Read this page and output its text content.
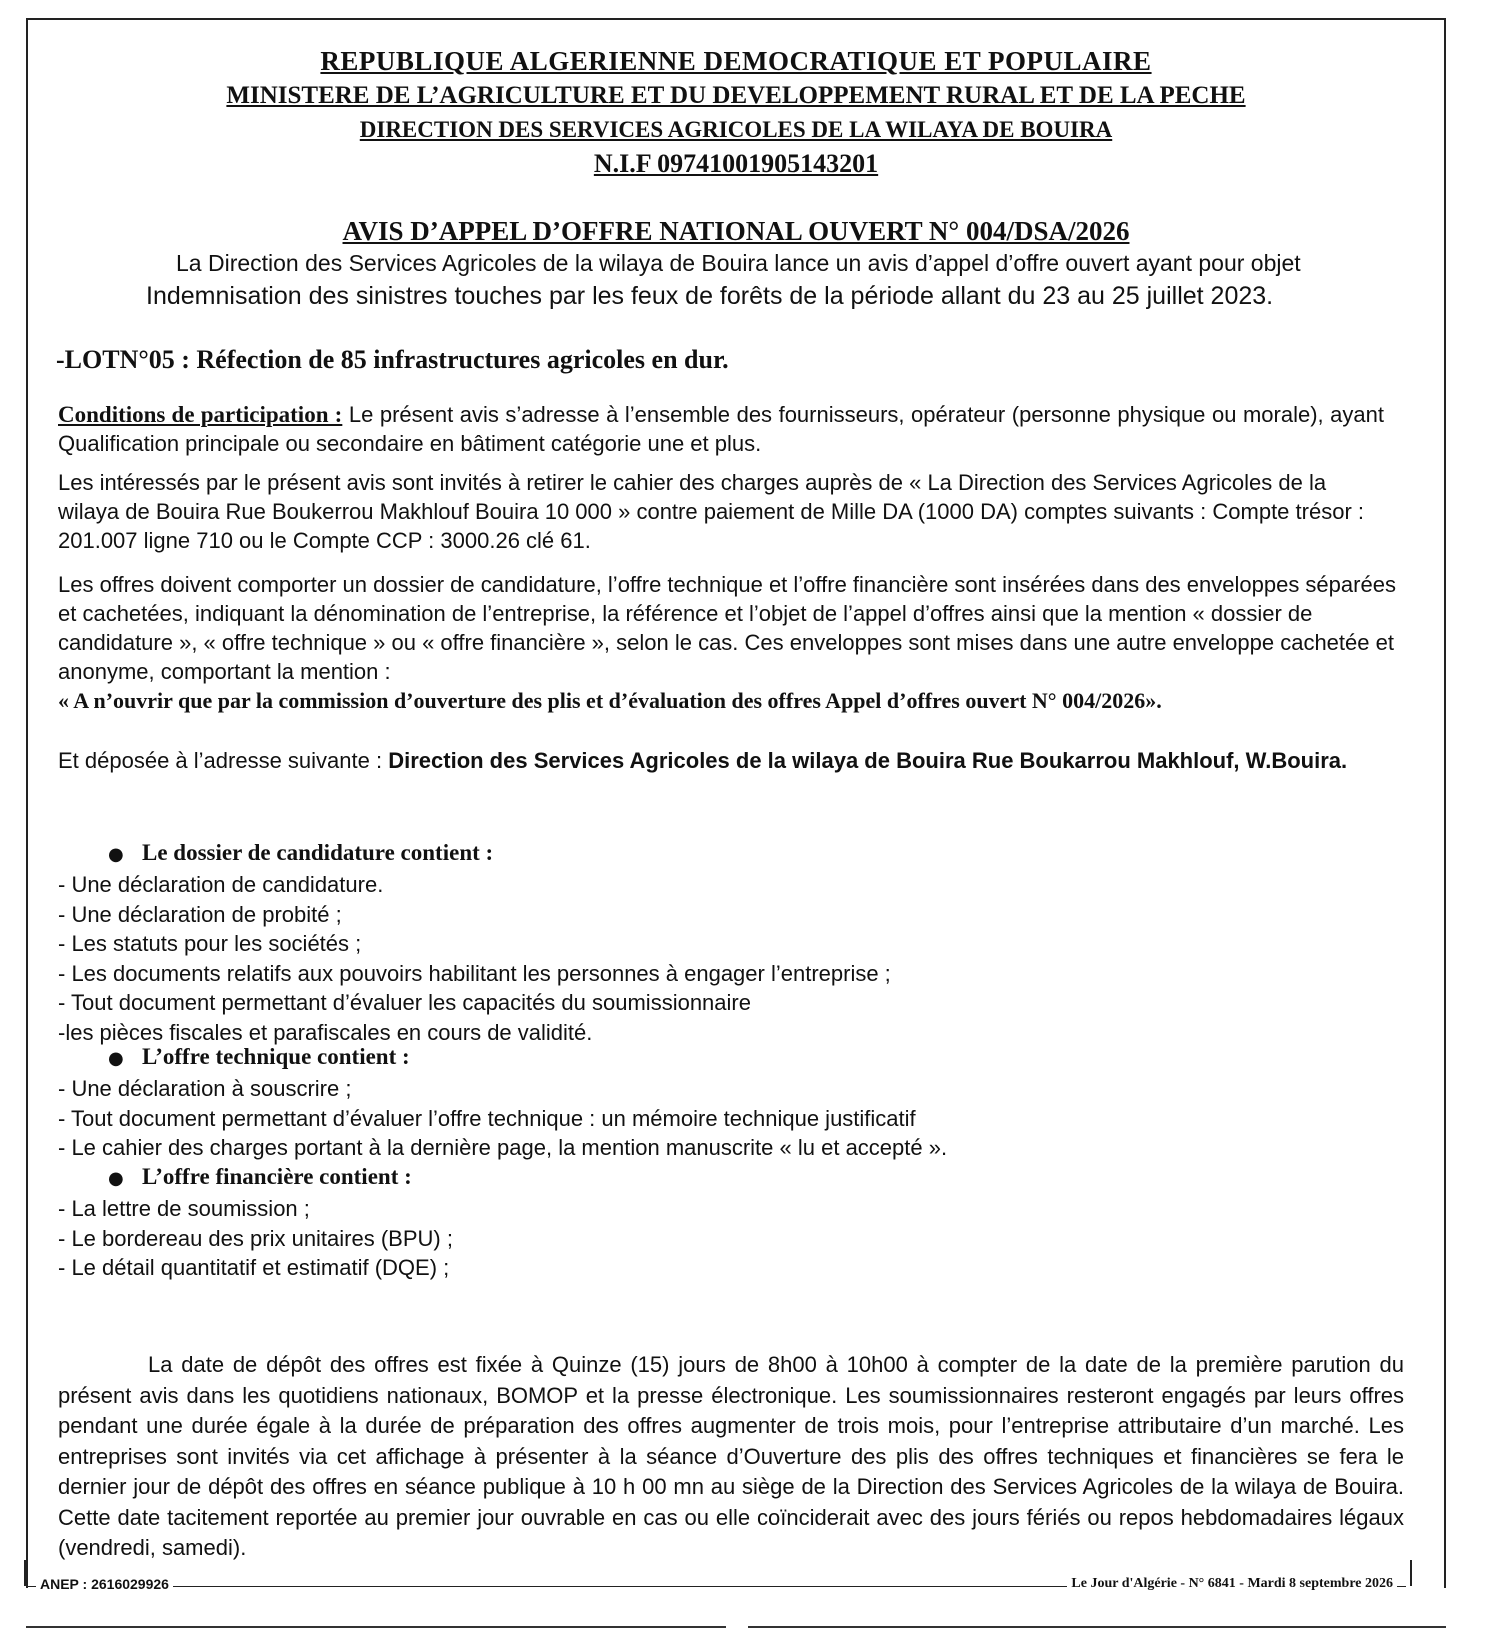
REPUBLIQUE ALGERIENNE DEMOCRATIQUE ET POPULAIRE
MINISTERE DE L’AGRICULTURE ET DU DEVELOPPEMENT RURAL ET DE LA PECHE
DIRECTION DES SERVICES AGRICOLES DE LA WILAYA DE BOUIRA
N.I.F 09741001905143201
AVIS D’APPEL D’OFFRE NATIONAL OUVERT N° 004/DSA/2026
La Direction des Services Agricoles de la wilaya de Bouira lance un avis d’appel d’offre ouvert ayant pour objet
Indemnisation des sinistres touches par les feux de forêts de la période allant du 23 au 25 juillet 2023.
-LOTN°05 : Réfection de 85 infrastructures agricoles en dur.
Conditions de participation : Le présent avis s’adresse à l’ensemble des fournisseurs, opérateur (personne physique ou morale), ayant Qualification principale ou secondaire en bâtiment catégorie une et plus.
Les intéressés par le présent avis sont invités à retirer le cahier des charges auprès de « La Direction des Services Agricoles de la wilaya de Bouira Rue Boukerrou Makhlouf Bouira 10 000 » contre paiement de Mille DA (1000 DA) comptes suivants : Compte trésor : 201.007 ligne 710 ou le Compte CCP : 3000.26 clé 61.
Les offres doivent comporter un dossier de candidature, l’offre technique et l’offre financière sont insérées dans des enveloppes séparées et cachetées, indiquant la dénomination de l’entreprise, la référence et l’objet de l’appel d’offres ainsi que la mention « dossier de candidature », « offre technique » ou « offre financière », selon le cas. Ces enveloppes sont mises dans une autre enveloppe cachetée et anonyme, comportant la mention :
« A n’ouvrir que par la commission d’ouverture des plis et d’évaluation des offres Appel d’offres ouvert N° 004/2026».
Et déposée à l’adresse suivante : Direction des Services Agricoles de la wilaya de Bouira Rue Boukarrou Makhlouf, W.Bouira.
● Le dossier de candidature contient :
- Une déclaration de candidature.
- Une déclaration de probité ;
- Les statuts pour les sociétés ;
- Les documents relatifs aux pouvoirs habilitant les personnes à engager l’entreprise ;
- Tout document permettant d’évaluer les capacités du soumissionnaire
-les pièces fiscales et parafiscales en cours de validité.
● L’offre technique contient :
- Une déclaration à souscrire ;
- Tout document permettant d’évaluer l’offre technique : un mémoire technique justificatif
- Le cahier des charges portant à la dernière page, la mention manuscrite « lu et accepté ».
● L’offre financière contient :
- La lettre de soumission ;
- Le bordereau des prix unitaires (BPU) ;
- Le détail quantitatif et estimatif (DQE) ;
La date de dépôt des offres est fixée à Quinze (15) jours de 8h00 à 10h00 à compter de la date de la première parution du présent avis dans les quotidiens nationaux, BOMOP et la presse électronique. Les soumissionnaires resteront engagés par leurs offres pendant une durée égale à la durée de préparation des offres augmenter de trois mois, pour l’entreprise attributaire d’un marché. Les entreprises sont invités via cet affichage à présenter à la séance d’Ouverture des plis des offres techniques et financières se fera le dernier jour de dépôt des offres en séance publique à 10 h 00 mn au siège de la Direction des Services Agricoles de la wilaya de Bouira. Cette date tacitement reportée au premier jour ouvrable en cas ou elle coïnciderait avec des jours fériés ou repos hebdomadaires légaux (vendredi, samedi).
ANEP : 2616029926	Le Jour d'Algérie - N° 6841 - Mardi 8 septembre 2026
